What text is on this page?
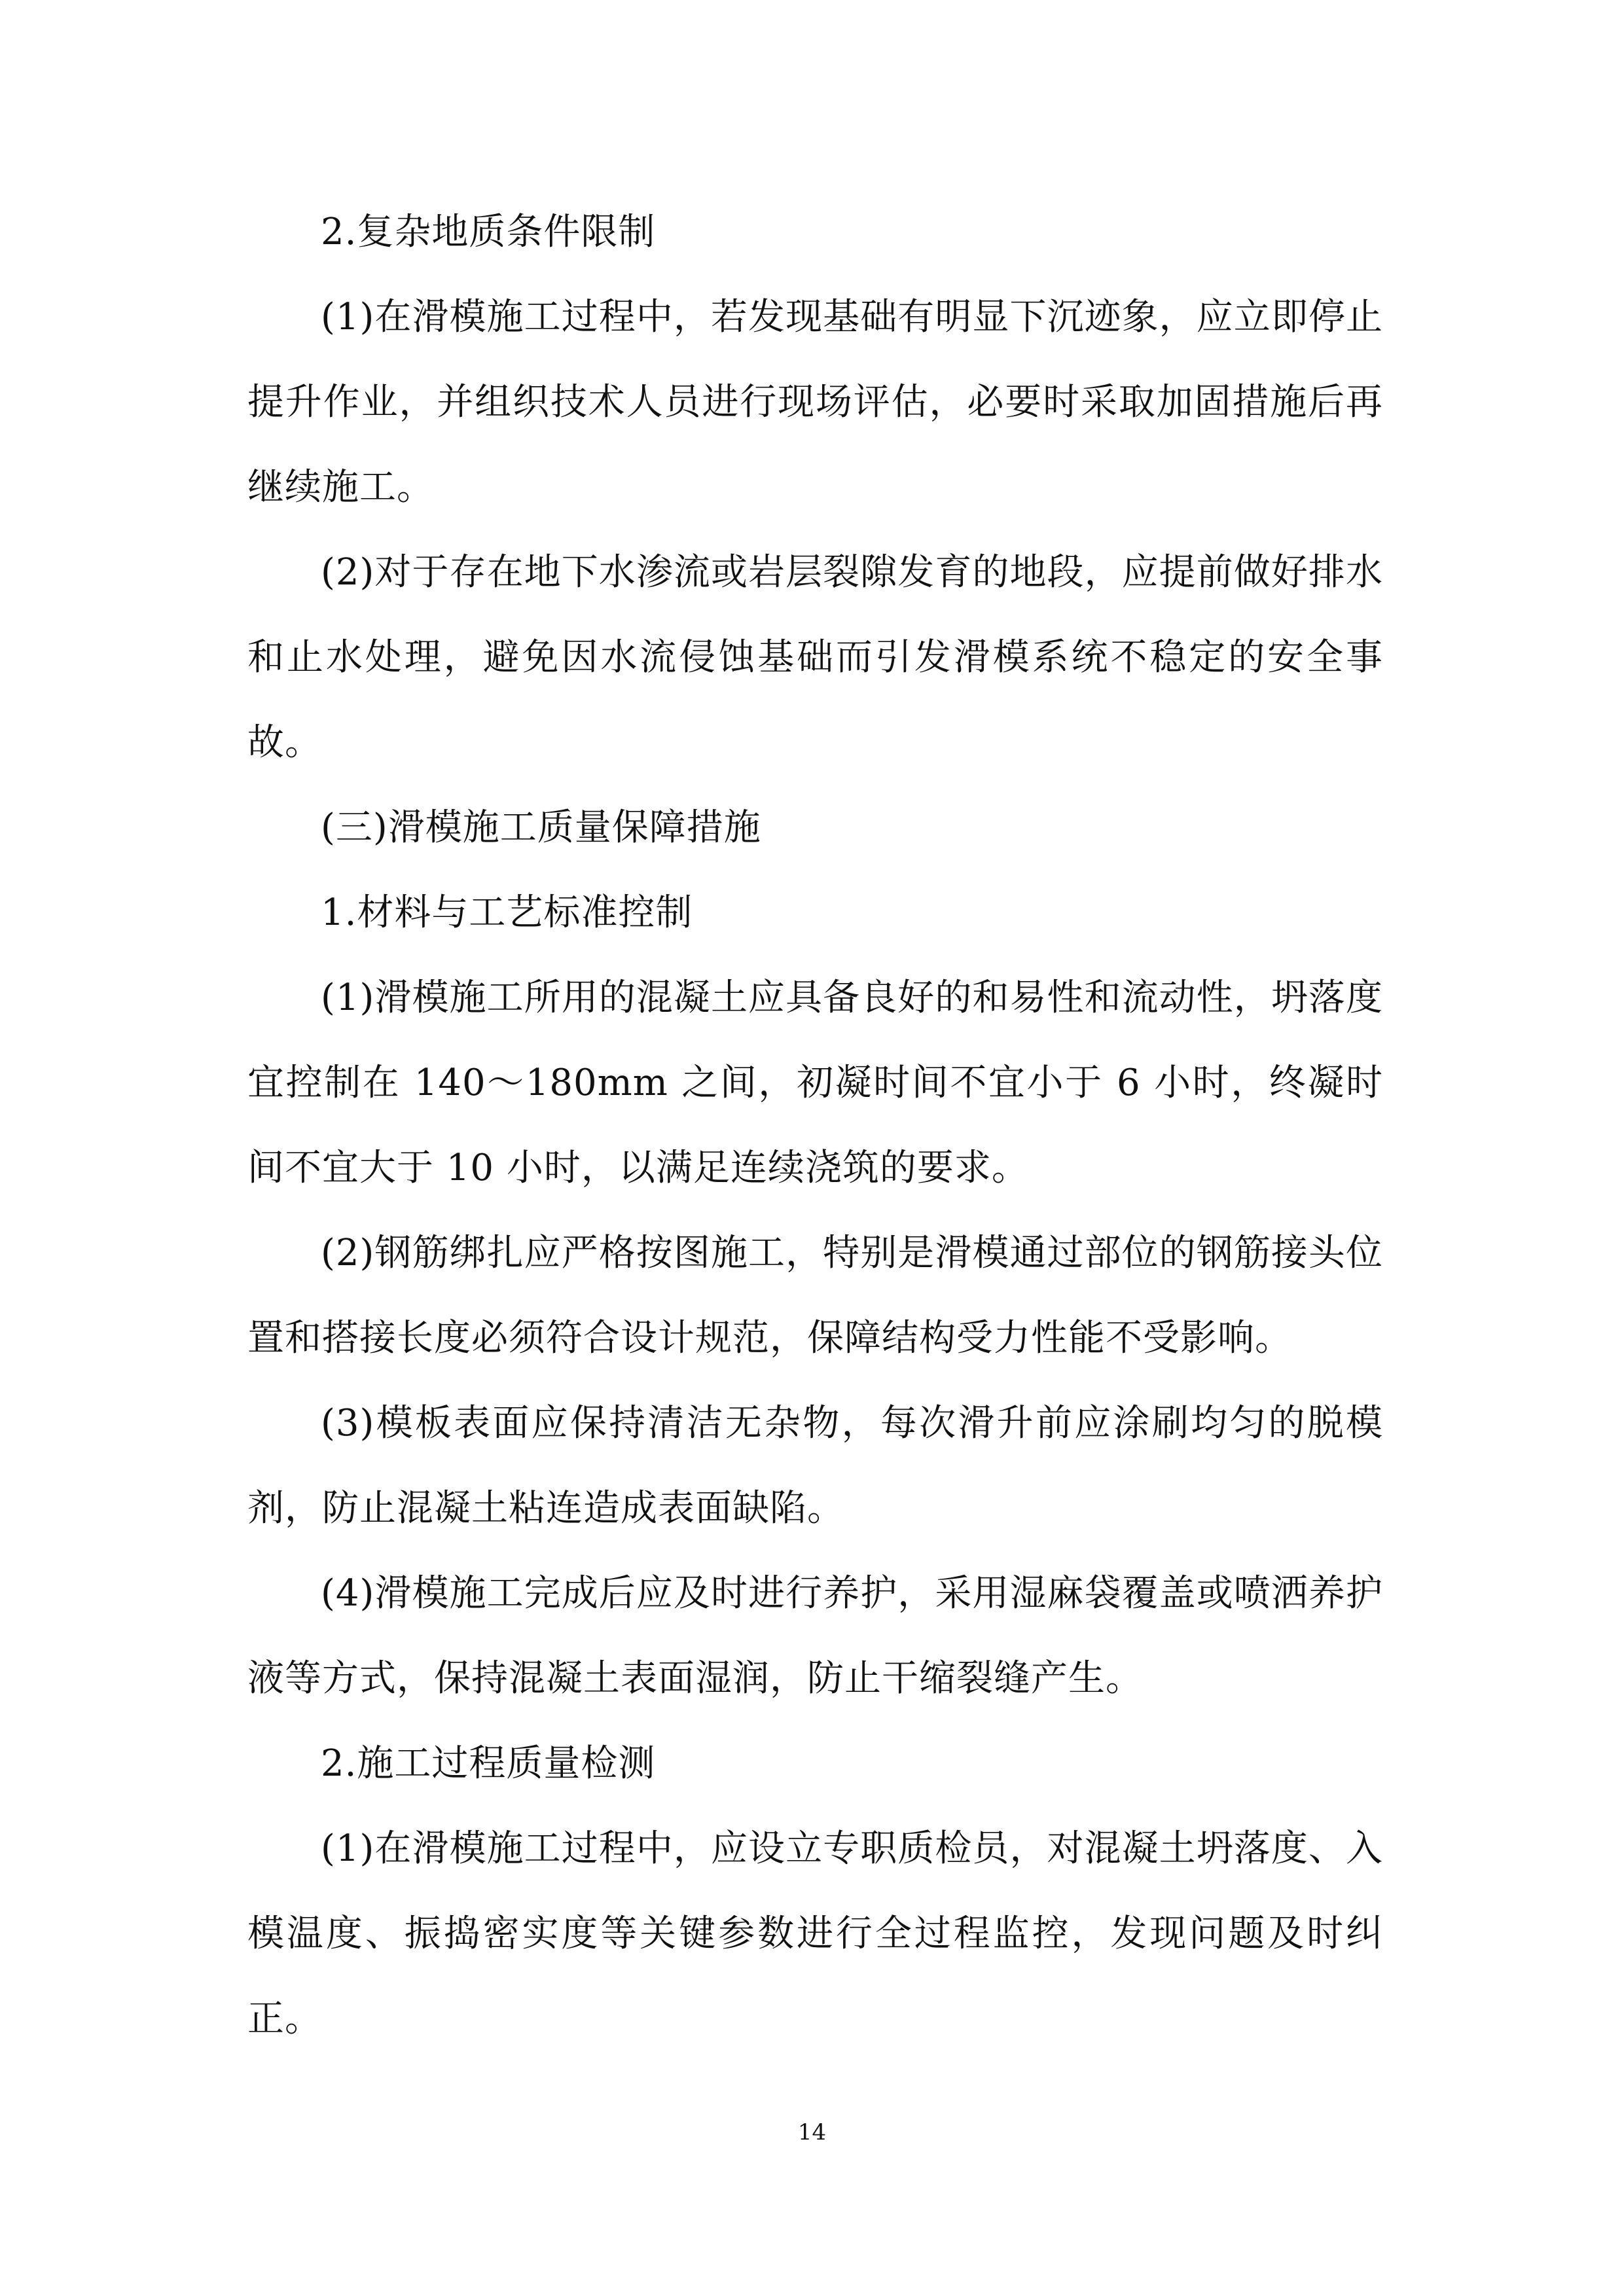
2.复杂地质条件限制

(1)在滑模施工过程中，若发现基础有明显下沉迹象，应立即停止提升作业，并组织技术人员进行现场评估，必要时采取加固措施后再继续施工。

(2)对于存在地下水渗流或岩层裂隙发育的地段，应提前做好排水和止水处理，避免因水流侵蚀基础而引发滑模系统不稳定的安全事故。

(三)滑模施工质量保障措施

1.材料与工艺标准控制

(1)滑模施工所用的混凝土应具备良好的和易性和流动性，坍落度宜控制在 140～180mm 之间，初凝时间不宜小于 6 小时，终凝时间不宜大于 10 小时，以满足连续浇筑的要求。

(2)钢筋绑扎应严格按图施工，特别是滑模通过部位的钢筋接头位置和搭接长度必须符合设计规范，保障结构受力性能不受影响。

(3)模板表面应保持清洁无杂物，每次滑升前应涂刷均匀的脱模剂，防止混凝土粘连造成表面缺陷。

(4)滑模施工完成后应及时进行养护，采用湿麻袋覆盖或喷洒养护液等方式，保持混凝土表面湿润，防止干缩裂缝产生。

2.施工过程质量检测

(1)在滑模施工过程中，应设立专职质检员，对混凝土坍落度、入模温度、振捣密实度等关键参数进行全过程监控，发现问题及时纠正。

14
